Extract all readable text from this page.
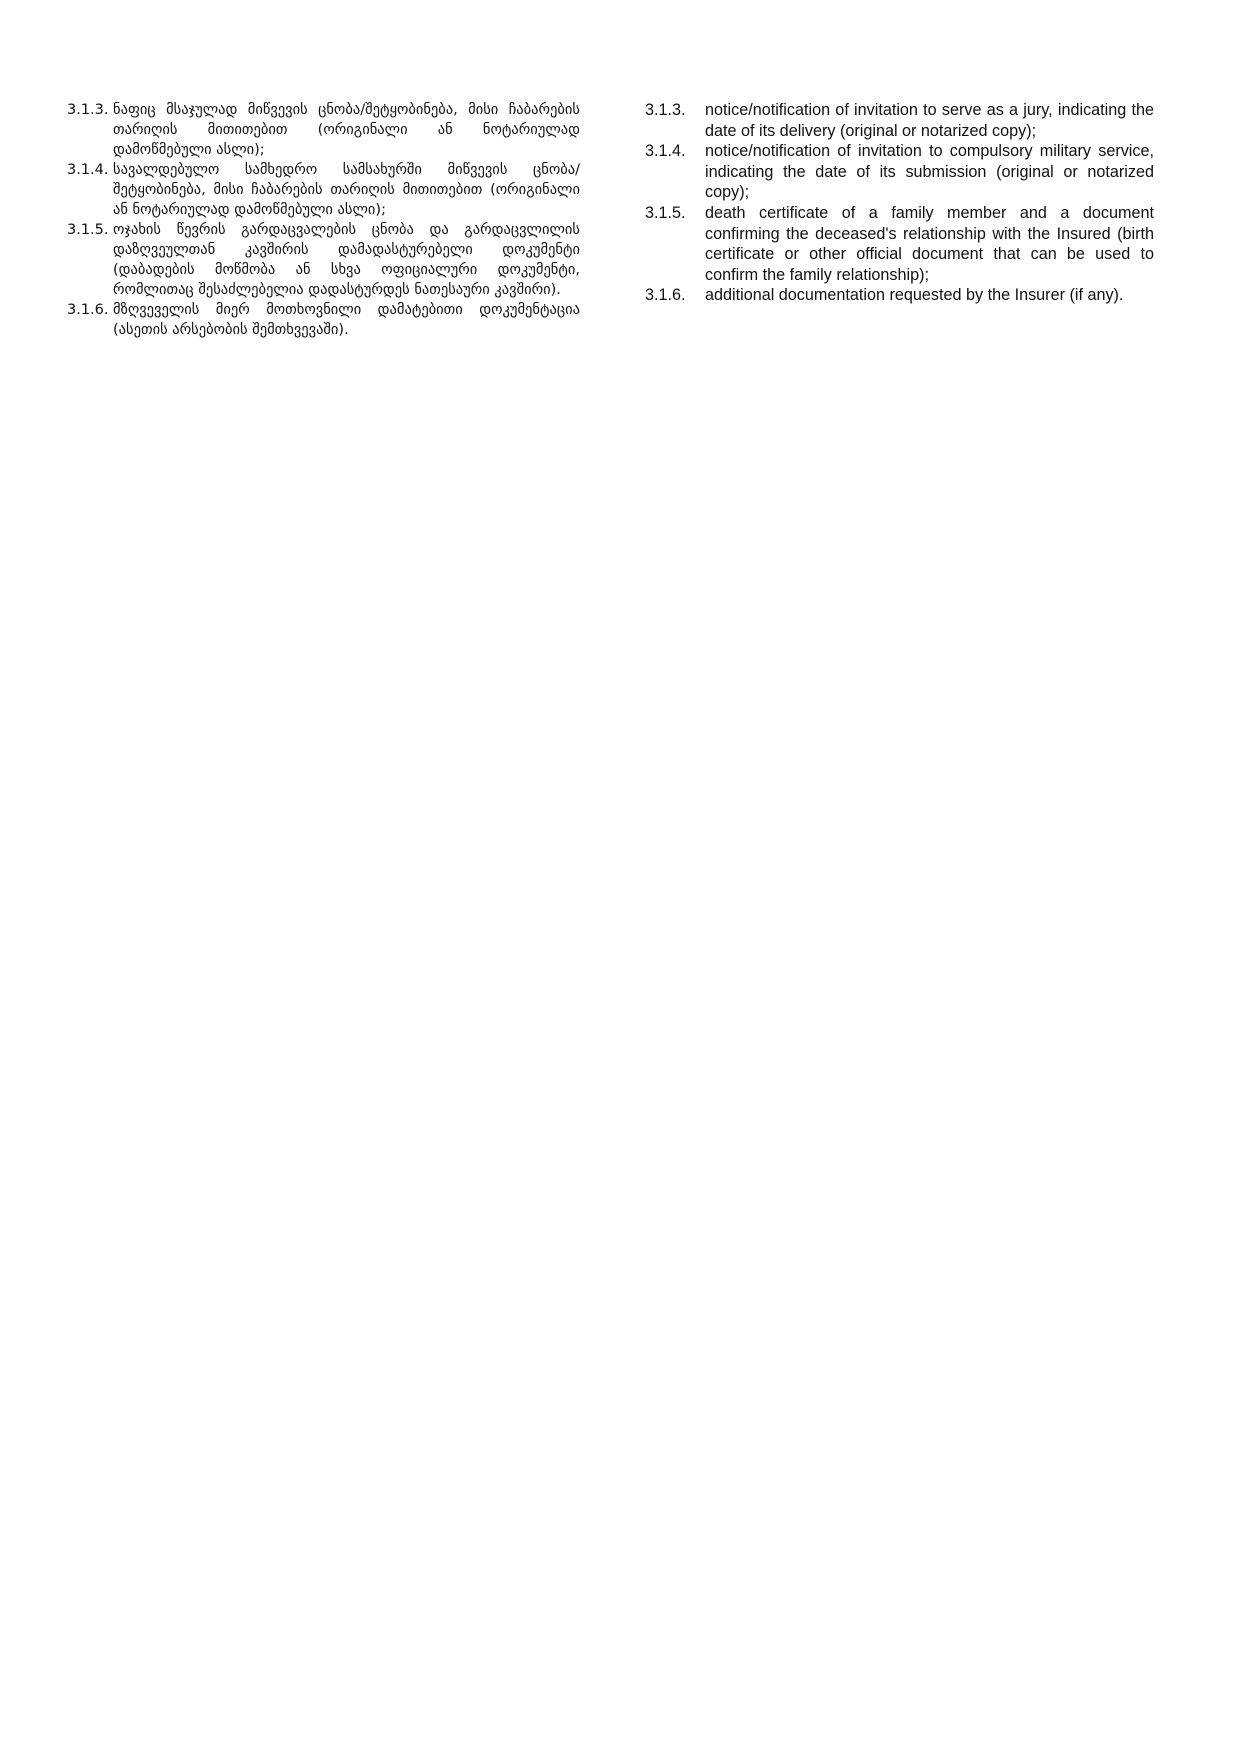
3.1.3. ნაფიც მსაჯულად მიწვევის ცნობა/შეტყობინება, მისი ჩაბარების თარიღის მითითებით (ორიგინალი ან ნოტარიულად დამოწმებული ასლი);
3.1.4. სავალდებულო სამხედრო სამსახურში მიწვევის ცნობა/შეტყობინება, მისი ჩაბარების თარიღის მითითებით (ორიგინალი ან ნოტარიულად დამოწმებული ასლი);
3.1.5. ოჯახის წევრის გარდაცვალების ცნობა და გარდაცვლილის დაზღვეულთან კავშირის დამადასტურებელი დოკუმენტი (დაბადების მოწმობა ან სხვა ოფიციალური დოკუმენტი, რომლითაც შესაძლებელია დადასტურდეს ნათესაური კავშირი).
3.1.6. მზღვეველის მიერ მოთხოვნილი დამატებითი დოკუმენტაცია (ასეთის არსებობის შემთხვევაში).
3.1.3.	notice/notification of invitation to serve as a jury, indicating the date of its delivery (original or notarized copy);
3.1.4.	notice/notification of invitation to compulsory military service, indicating the date of its submission (original or notarized copy);
3.1.5.	death certificate of a family member and a document confirming the deceased's relationship with the Insured (birth certificate or other official document that can be used to confirm the family relationship);
3.1.6.	additional documentation requested by the Insurer (if any).
